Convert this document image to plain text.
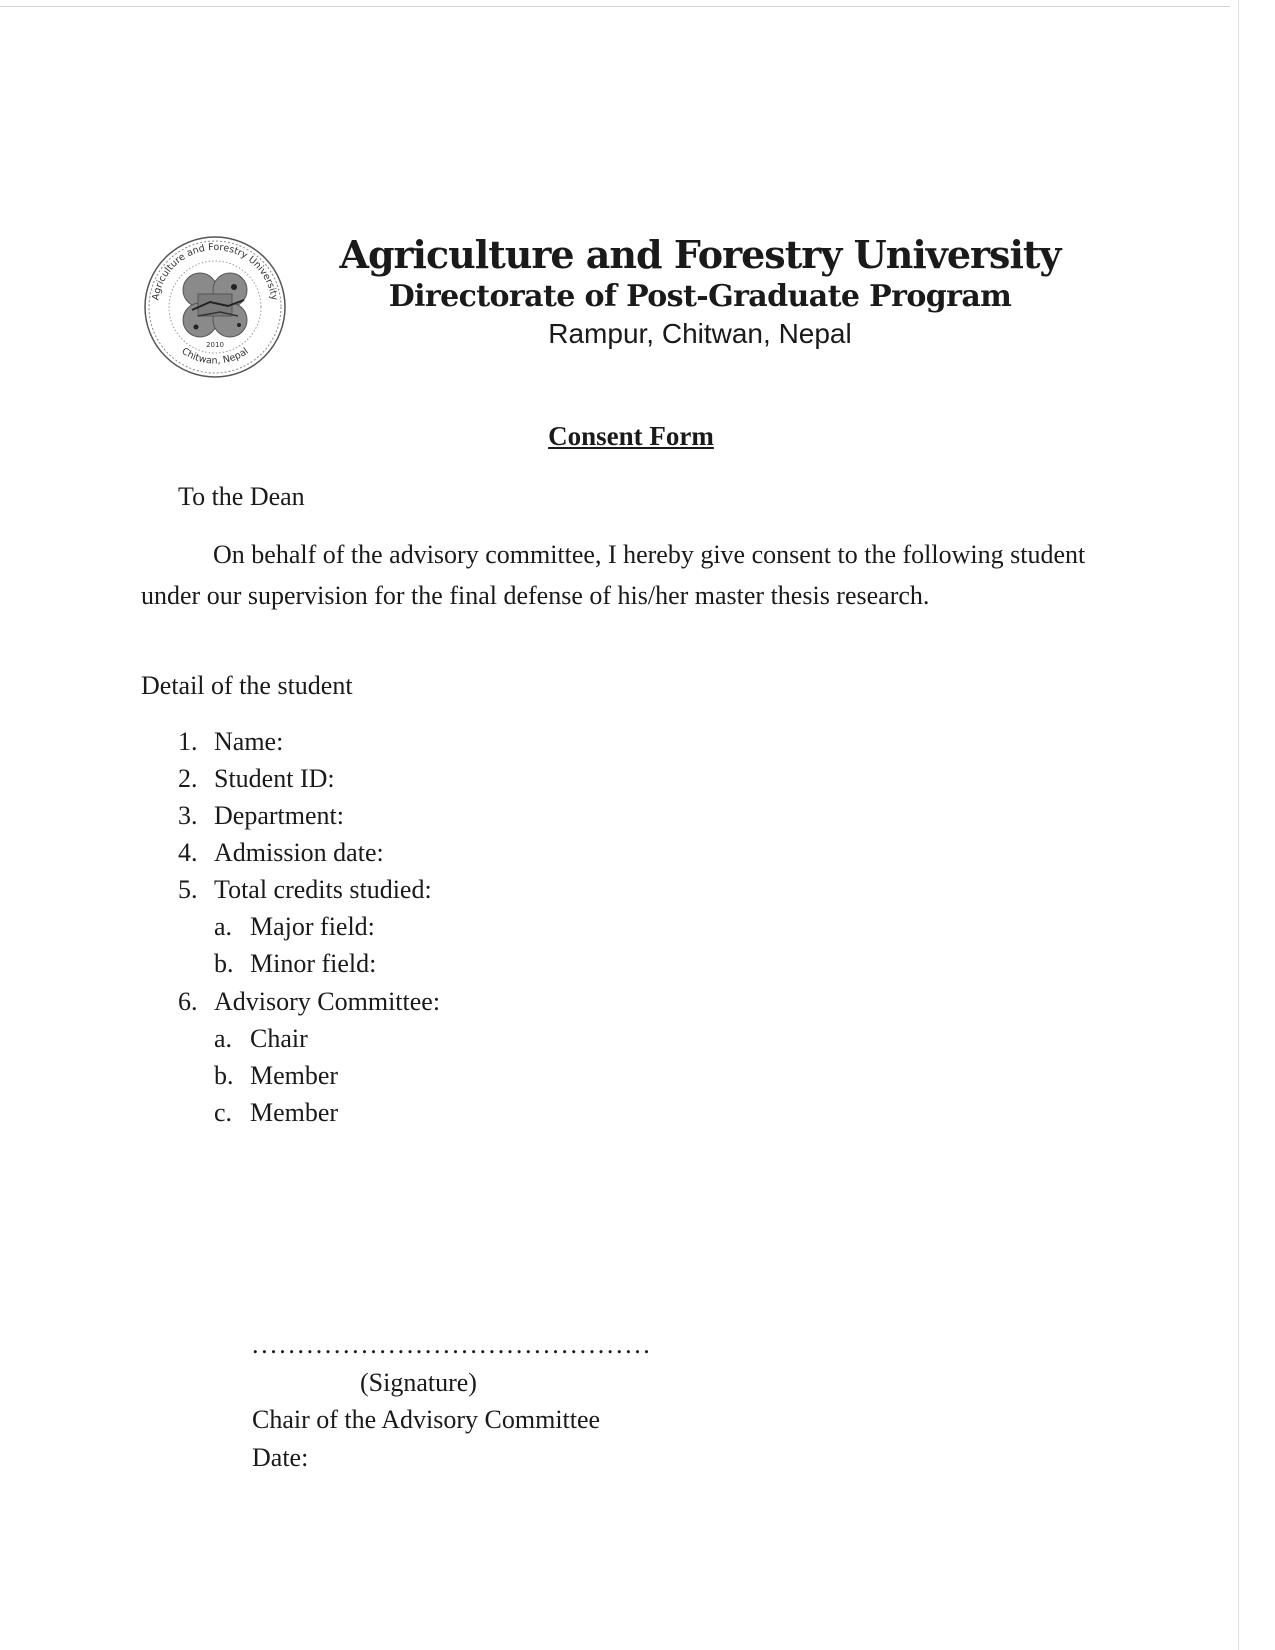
Agriculture and Forestry University
Chitwan, Nepal
2010
Agriculture and Forestry University
Directorate of Post-Graduate Program
Rampur, Chitwan, Nepal
Consent Form
To the Dean
On behalf of the advisory committee, I hereby give consent to the following student under our supervision for the final defense of his/her master thesis research.
Detail of the student
1. Name:
2. Student ID:
3. Department:
4. Admission date:
5. Total credits studied:
a. Major field:
b. Minor field:
6. Advisory Committee:
a. Chair
b. Member
c. Member
............................................
(Signature)
Chair of the Advisory Committee
Date:
